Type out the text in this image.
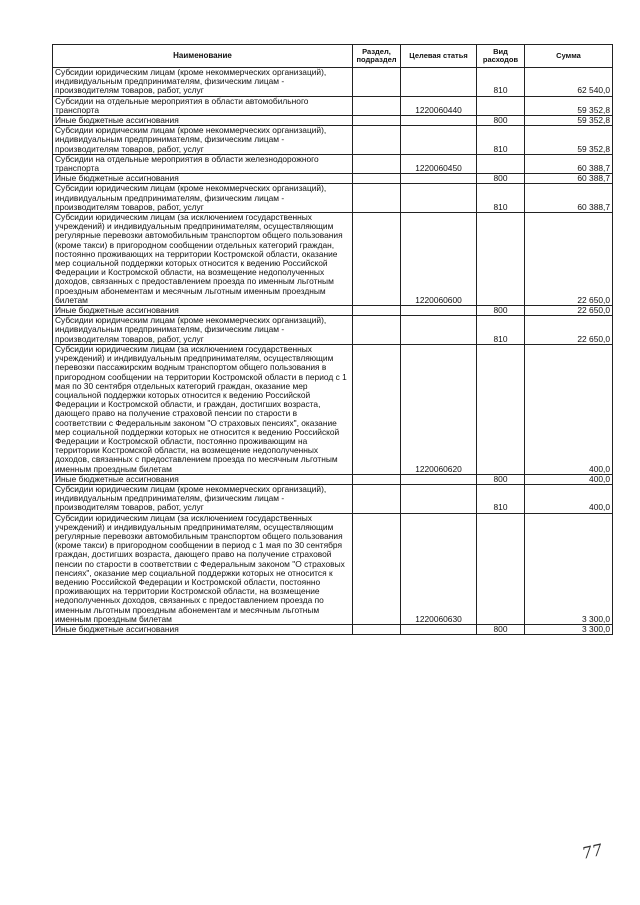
Наименование	Раздел, подраздел	Целевая статья	Вид расходов	Сумма
Субсидии юридическим лицам (кроме некоммерческих организаций), индивидуальным предпринимателям, физическим лицам - производителям товаров, работ, услуг			810	62 540,0
Субсидии на отдельные мероприятия в области автомобильного транспорта		1220060440		59 352,8
Иные бюджетные ассигнования			800	59 352,8
Субсидии юридическим лицам (кроме некоммерческих организаций), индивидуальным предпринимателям, физическим лицам - производителям товаров, работ, услуг			810	59 352,8
Субсидии на отдельные мероприятия в области железнодорожного транспорта		1220060450		60 388,7
Иные бюджетные ассигнования			800	60 388,7
Субсидии юридическим лицам (кроме некоммерческих организаций), индивидуальным предпринимателям, физическим лицам - производителям товаров, работ, услуг			810	60 388,7
Субсидии юридическим лицам (за исключением государственных учреждений) и индивидуальным предпринимателям, осуществляющим регулярные перевозки автомобильным транспортом общего пользования (кроме такси) в пригородном сообщении отдельных категорий граждан, постоянно проживающих на территории Костромской области, оказание мер социальной поддержки которых относится к ведению Российской Федерации и Костромской области, на возмещение недополученных доходов, связанных с предоставлением проезда по именным льготным проездным абонементам и месячным льготным именным проездным билетам		1220060600		22 650,0
Иные бюджетные ассигнования			800	22 650,0
Субсидии юридическим лицам (кроме некоммерческих организаций), индивидуальным предпринимателям, физическим лицам - производителям товаров, работ, услуг			810	22 650,0
Субсидии юридическим лицам (за исключением государственных учреждений) и индивидуальным предпринимателям, осуществляющим перевозки пассажирским водным транспортом общего пользования в пригородном сообщении на территории Костромской области в период с 1 мая по 30 сентября отдельных категорий граждан, оказание мер социальной поддержки которых относится к ведению Российской Федерации и Костромской области, и граждан, достигших возраста, дающего право на получение страховой пенсии по старости в соответствии с Федеральным законом "О страховых пенсиях", оказание мер социальной поддержки которых не относится к ведению Российской Федерации и Костромской области, постоянно проживающим на территории Костромской области, на возмещение недополученных доходов, связанных с предоставлением проезда по месячным льготным именным проездным билетам		1220060620		400,0
Иные бюджетные ассигнования			800	400,0
Субсидии юридическим лицам (кроме некоммерческих организаций), индивидуальным предпринимателям, физическим лицам - производителям товаров, работ, услуг			810	400,0
Субсидии юридическим лицам (за исключением государственных учреждений) и индивидуальным предпринимателям, осуществляющим регулярные перевозки автомобильным транспортом общего пользования (кроме такси) в пригородном сообщении в период с 1 мая по 30 сентября граждан, достигших возраста, дающего право на получение страховой пенсии по старости в соответствии с Федеральным законом "О страховых пенсиях", оказание мер социальной поддержки которых не относится к ведению Российской Федерации и Костромской области, постоянно проживающих на территории Костромской области, на возмещение недополученных доходов, связанных с предоставлением проезда по именным льготным проездным абонементам и месячным льготным именным проездным билетам		1220060630		3 300,0
Иные бюджетные ассигнования			800	3 300,0
77
